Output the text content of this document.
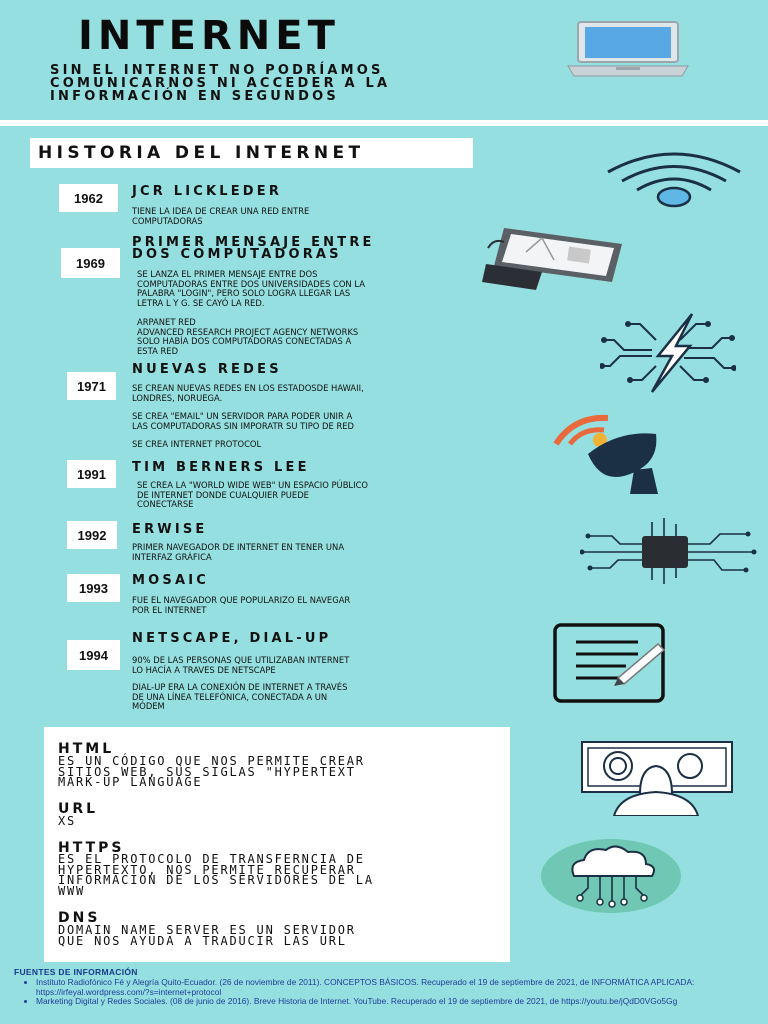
INTERNET
SIN EL INTERNET NO PODRÍAMOS COMUNICARNOS NI ACCEDER A LA INFORMACIÓN EN SEGUNDOS
HISTORIA DEL INTERNET
1962	JCR LICKLEDER
TIENE LA IDEA DE CREAR UNA RED ENTRE
COMPUTADORAS
1969
PRIMER MENSAJE ENTRE
DOS COMPUTADORAS
SE LANZA EL PRIMER MENSAJE ENTRE DOS
COMPUTADORAS ENTRE DOS UNIVERSIDADES CON LA
PALABRA "LOGIN", PERO SOLO LOGRA LLEGAR LAS
LETRA L Y G. SE CAYÓ LA RED.
ARPANET RED
ADVANCED RESEARCH PROJECT AGENCY NETWORKS
SOLO HABÍA DOS COMPUTADORAS CONECTADAS A
ESTA RED
1971
NUEVAS REDES
SE CREAN NUEVAS REDES EN LOS ESTADOSDE HAWAII,
LONDRES, NORUEGA.
SE CREA "EMAIL" UN SERVIDOR PARA PODER UNIR A
LAS COMPUTADORAS SIN IMPORATR SU TIPO DE RED
SE CREA INTERNET PROTOCOL
1991	TIM BERNERS LEE
SE CREA LA "WORLD WIDE WEB" UN ESPACIO PÚBLICO
DE INTERNET DONDE CUALQUIER PUEDE
CONECTARSE
1992	ERWISE
PRIMER NAVEGADOR DE INTERNET EN TENER UNA
INTERFAZ GRÁFICA
1993	MOSAIC
FUE EL NAVEGADOR QUE POPULARIZO EL NAVEGAR
POR EL INTERNET
1994
NETSCAPE, DIAL-UP
90% DE LAS PERSONAS QUE UTILIZABAN INTERNET
LO HACÍA A TRAVES DE NETSCAPE
DIAL-UP ERA LA CONEXIÓN DE INTERNET A TRAVÉS
DE UNA LÍNEA TELEFÓNICA, CONECTADA A UN
MÓDEM
HTML
ES UN CÓDIGO QUE NOS PERMITE CREAR
SITIOS WEB, SUS SIGLAS "HYPERTEXT
MARK-UP LANGUAGE
URL
XS
HTTPS
ES EL PROTOCOLO DE TRANSFERNCIA DE
HYPERTEXTO, NOS PERMITE RECUPERAR
INFORMACIÓN DE LOS SERVIDORES DE LA
WWW
DNS
DOMAIN NAME SERVER ES UN SERVIDOR
QUE NOS AYUDA A TRADUCIR LAS URL
FUENTES DE INFORMACIÓN
• Instituto Radiofónico Fé y Alegría Quito-Ecuador. (26 de noviembre de 2011). CONCEPTOS BÁSICOS. Recuperado el 19 de septiembre de 2021, de INFORMÁTICA APLICADA: https://irfeyal.wordpress.com/?s=internet+protocol
• Marketing Digital y Redes Sociales. (08 de junio de 2016). Breve Historia de Internet. YouTube. Recuperado el 19 de septiembre de 2021, de https://youtu.be/jQdD0VGo5Gg
